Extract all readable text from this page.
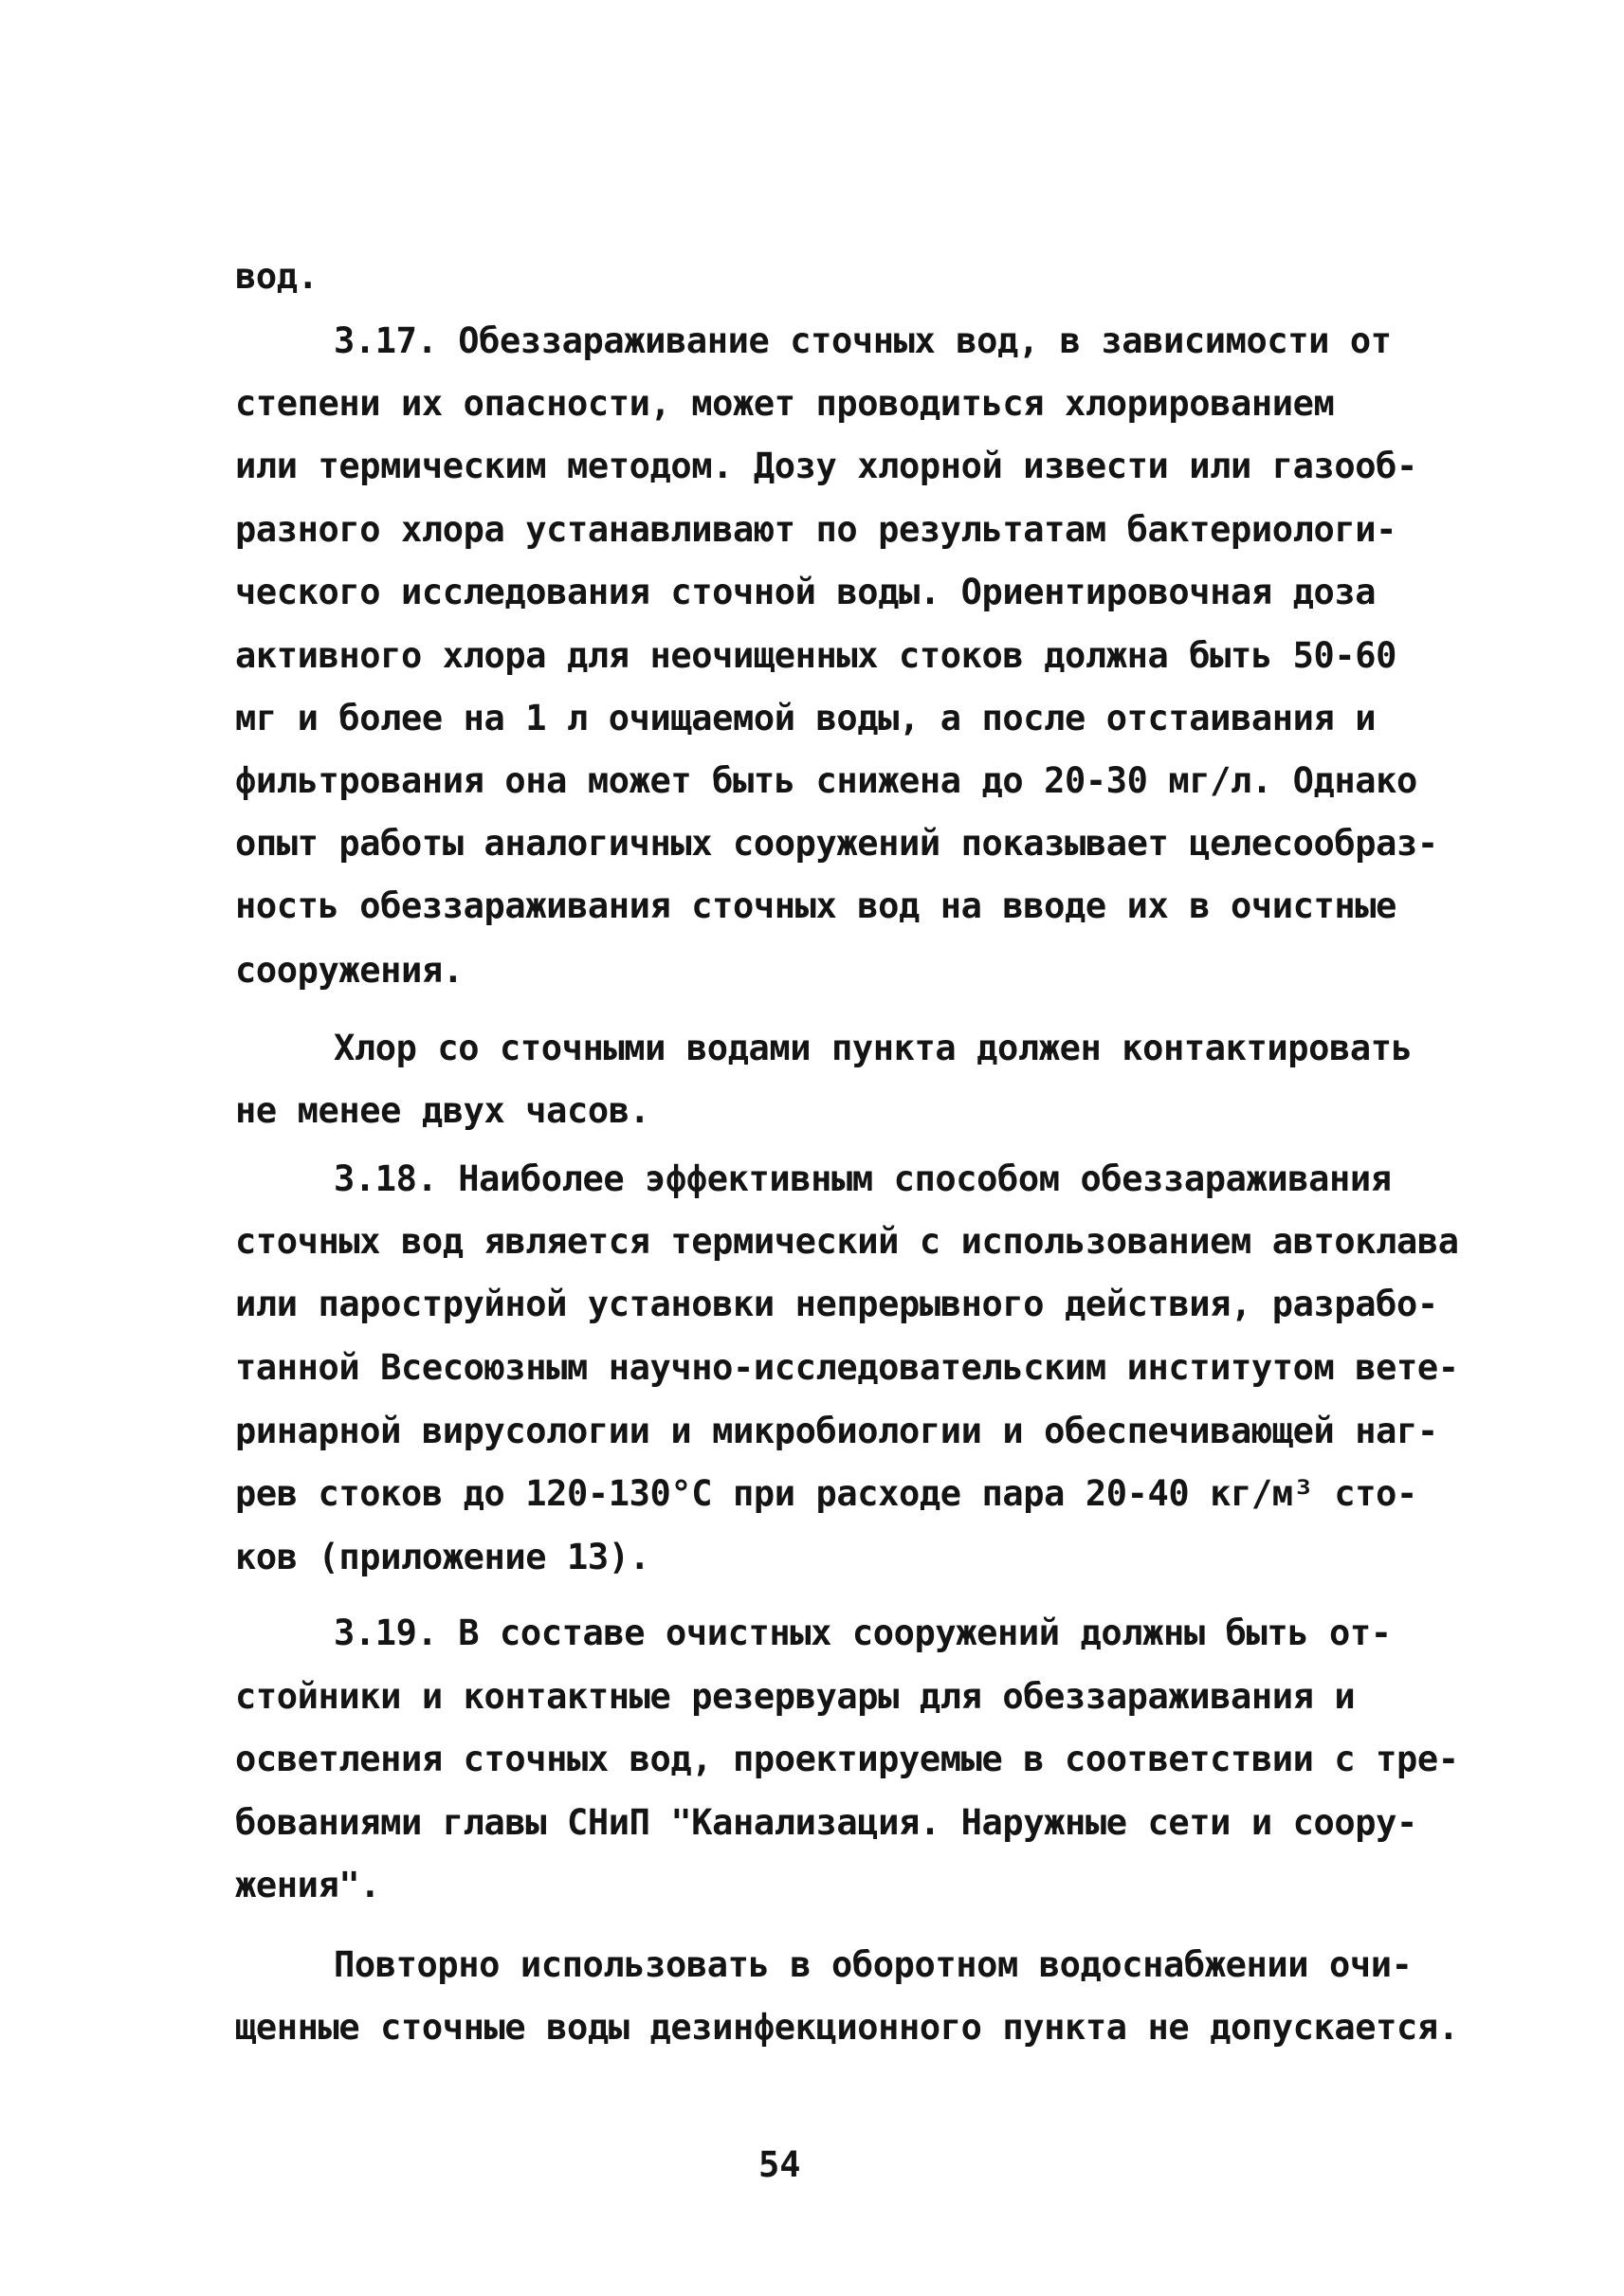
вод.
3.17. Обеззараживание сточных вод, в зависимости от
степени их опасности, может проводиться хлорированием
или термическим методом. Дозу хлорной извести или газооб-
разного хлора устанавливают по результатам бактериологи-
ческого исследования сточной воды. Ориентировочная доза
активного хлора для неочищенных стоков должна быть 50-60
мг и более на 1 л очищаемой воды, а после отстаивания и
фильтрования она может быть снижена до 20-30 мг/л. Однако
опыт работы аналогичных сооружений показывает целесообраз-
ность обеззараживания сточных вод на вводе их в очистные
сооружения.
Хлор со сточными водами пункта должен контактировать
не менее двух часов.
3.18. Наиболее эффективным способом обеззараживания
сточных вод является термический с использованием автоклава
или пароструйной установки непрерывного действия, разрабо-
танной Всесоюзным научно-исследовательским институтом вете-
ринарной вирусологии и микробиологии и обеспечивающей наг-
рев стоков до 120-130°С при расходе пара 20-40 кг/м³ сто-
ков (приложение 13).
3.19. В составе очистных сооружений должны быть от-
стойники и контактные резервуары для обеззараживания и
осветления сточных вод, проектируемые в соответствии с тре-
бованиями главы СНиП "Канализация. Наружные сети и соору-
жения".
Повторно использовать в оборотном водоснабжении очи-
щенные сточные воды дезинфекционного пункта не допускается.
54
